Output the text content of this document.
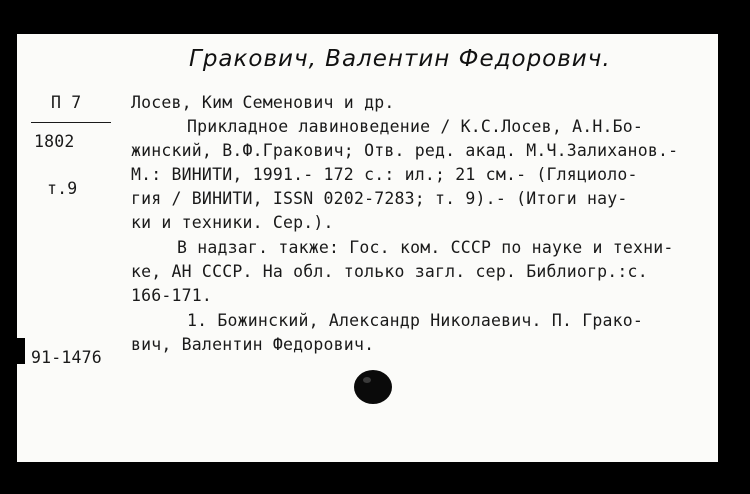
Гракович, Валентин Федорович.
П 7
1802
т.9
91-1476
Лосев, Ким Семенович и др.
Прикладное лавиноведение / К.С.Лосев, А.Н.Бо-
жинский, В.Ф.Гракович; Отв. ред. акад. М.Ч.Залиханов.-
М.: ВИНИТИ, 1991.- 172 с.: ил.; 21 см.- (Гляциоло-
гия / ВИНИТИ, ISSN 0202-7283; т. 9).- (Итоги нау-
ки и техники. Сер.).
В надзаг. также: Гос. ком. СССР по науке и техни-
ке, АН СССР. На обл. только загл. сер. Библиогр.:с.
166-171.
1. Божинский, Александр Николаевич. П. Грако-
вич, Валентин Федорович.
